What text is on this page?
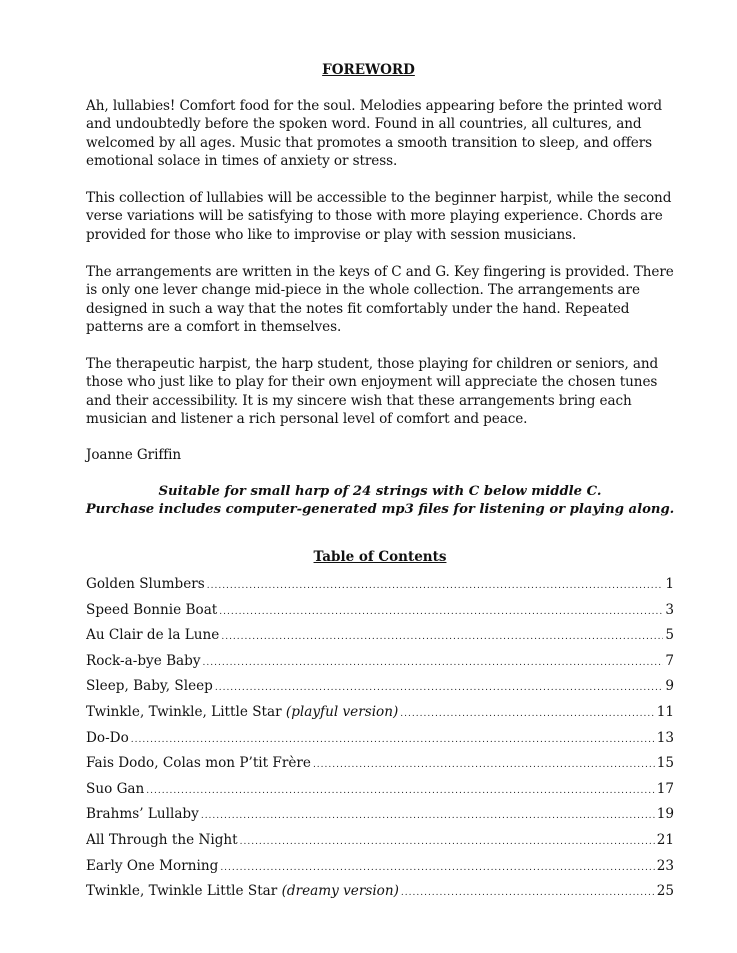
FOREWORD

Ah, lullabies! Comfort food for the soul. Melodies appearing before the printed word and undoubtedly before the spoken word. Found in all countries, all cultures, and welcomed by all ages. Music that promotes a smooth transition to sleep, and offers emotional solace in times of anxiety or stress.

This collection of lullabies will be accessible to the beginner harpist, while the second verse variations will be satisfying to those with more playing experience. Chords are provided for those who like to improvise or play with session musicians.

The arrangements are written in the keys of C and G. Key fingering is provided. There is only one lever change mid-piece in the whole collection. The arrangements are designed in such a way that the notes fit comfortably under the hand. Repeated patterns are a comfort in themselves.

The therapeutic harpist, the harp student, those playing for children or seniors, and those who just like to play for their own enjoyment will appreciate the chosen tunes and their accessibility. It is my sincere wish that these arrangements bring each musician and listener a rich personal level of comfort and peace.

Joanne Griffin
Suitable for small harp of 24 strings with C below middle C.
Purchase includes computer-generated mp3 files for listening or playing along.
Table of Contents
Golden Slumbers .....	1
Speed Bonnie Boat .....	3
Au Clair de la Lune .....	5
Rock-a-bye Baby .....	7
Sleep, Baby, Sleep .....	9
Twinkle, Twinkle, Little Star (playful version) .....	11
Do-Do .....	13
Fais Dodo, Colas mon P’tit Frère .....	15
Suo Gan .....	17
Brahms’ Lullaby .....	19
All Through the Night .....	21
Early One Morning .....	23
Twinkle, Twinkle Little Star (dreamy version) .....	25
